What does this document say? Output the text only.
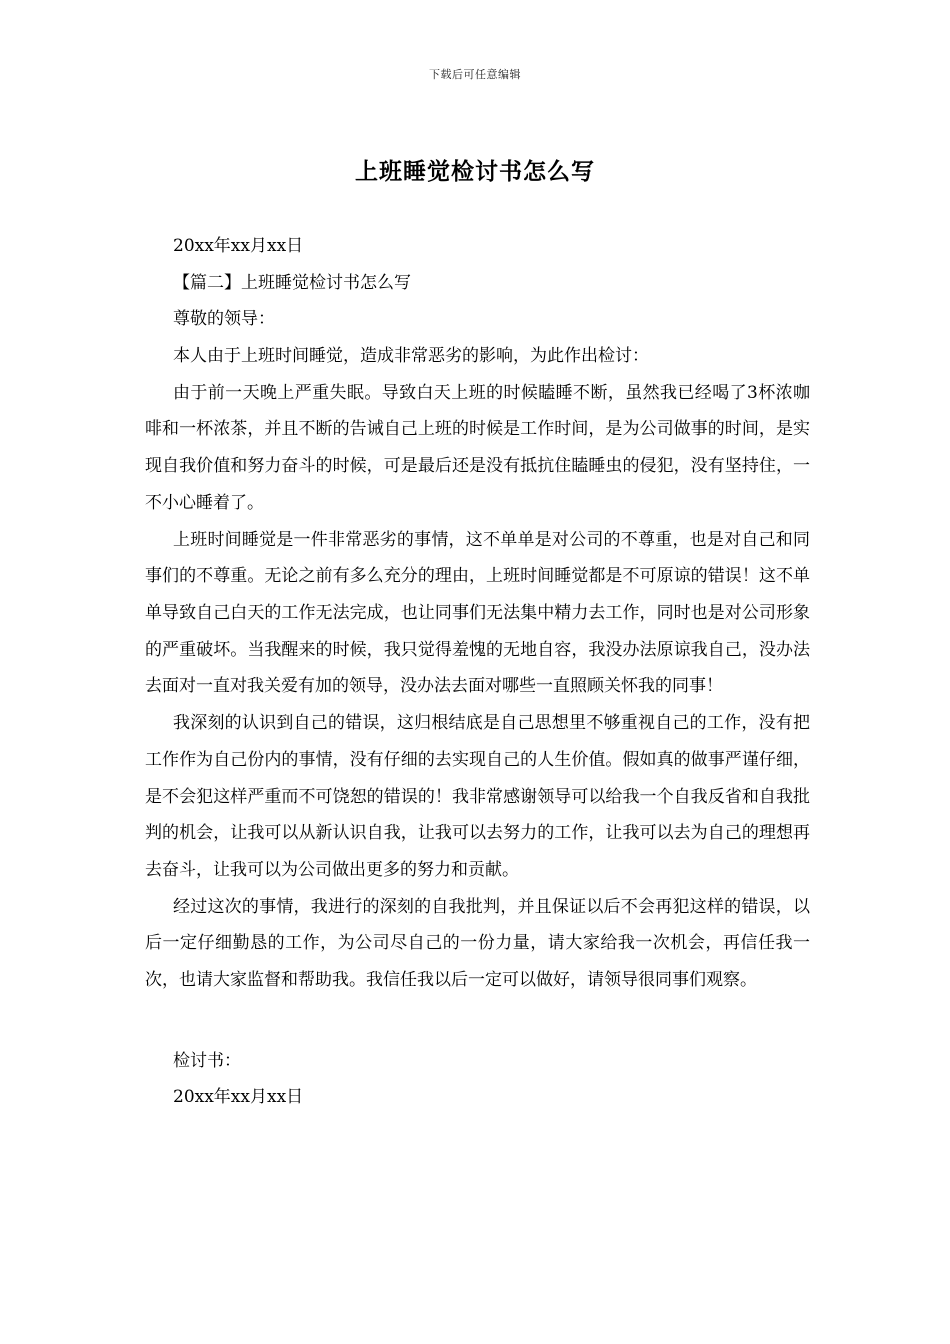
下载后可任意编辑
上班睡觉检讨书怎么写
20xx年xx月xx日
【篇二】上班睡觉检讨书怎么写
尊敬的领导：

本人由于上班时间睡觉，造成非常恶劣的影响，为此作出检讨：

由于前一天晚上严重失眠。导致白天上班的时候瞌睡不断，虽然我已经喝了3杯浓咖啡和一杯浓茶，并且不断的告诫自己上班的时候是工作时间，是为公司做事的时间，是实现自我价值和努力奋斗的时候，可是最后还是没有抵抗住瞌睡虫的侵犯，没有坚持住，一不小心睡着了。

上班时间睡觉是一件非常恶劣的事情，这不单单是对公司的不尊重，也是对自己和同事们的不尊重。无论之前有多么充分的理由，上班时间睡觉都是不可原谅的错误！这不单单导致自己白天的工作无法完成，也让同事们无法集中精力去工作，同时也是对公司形象的严重破坏。当我醒来的时候，我只觉得羞愧的无地自容，我没办法原谅我自己，没办法去面对一直对我关爱有加的领导，没办法去面对哪些一直照顾关怀我的同事！

我深刻的认识到自己的错误，这归根结底是自己思想里不够重视自己的工作，没有把工作作为自己份内的事情，没有仔细的去实现自己的人生价值。假如真的做事严谨仔细，是不会犯这样严重而不可饶恕的错误的！我非常感谢领导可以给我一个自我反省和自我批判的机会，让我可以从新认识自我，让我可以去努力的工作，让我可以去为自己的理想再去奋斗，让我可以为公司做出更多的努力和贡献。

经过这次的事情，我进行的深刻的自我批判，并且保证以后不会再犯这样的错误，以后一定仔细勤恳的工作，为公司尽自己的一份力量，请大家给我一次机会，再信任我一次，也请大家监督和帮助我。我信任我以后一定可以做好，请领导很同事们观察。

检讨书：
20xx年xx月xx日
